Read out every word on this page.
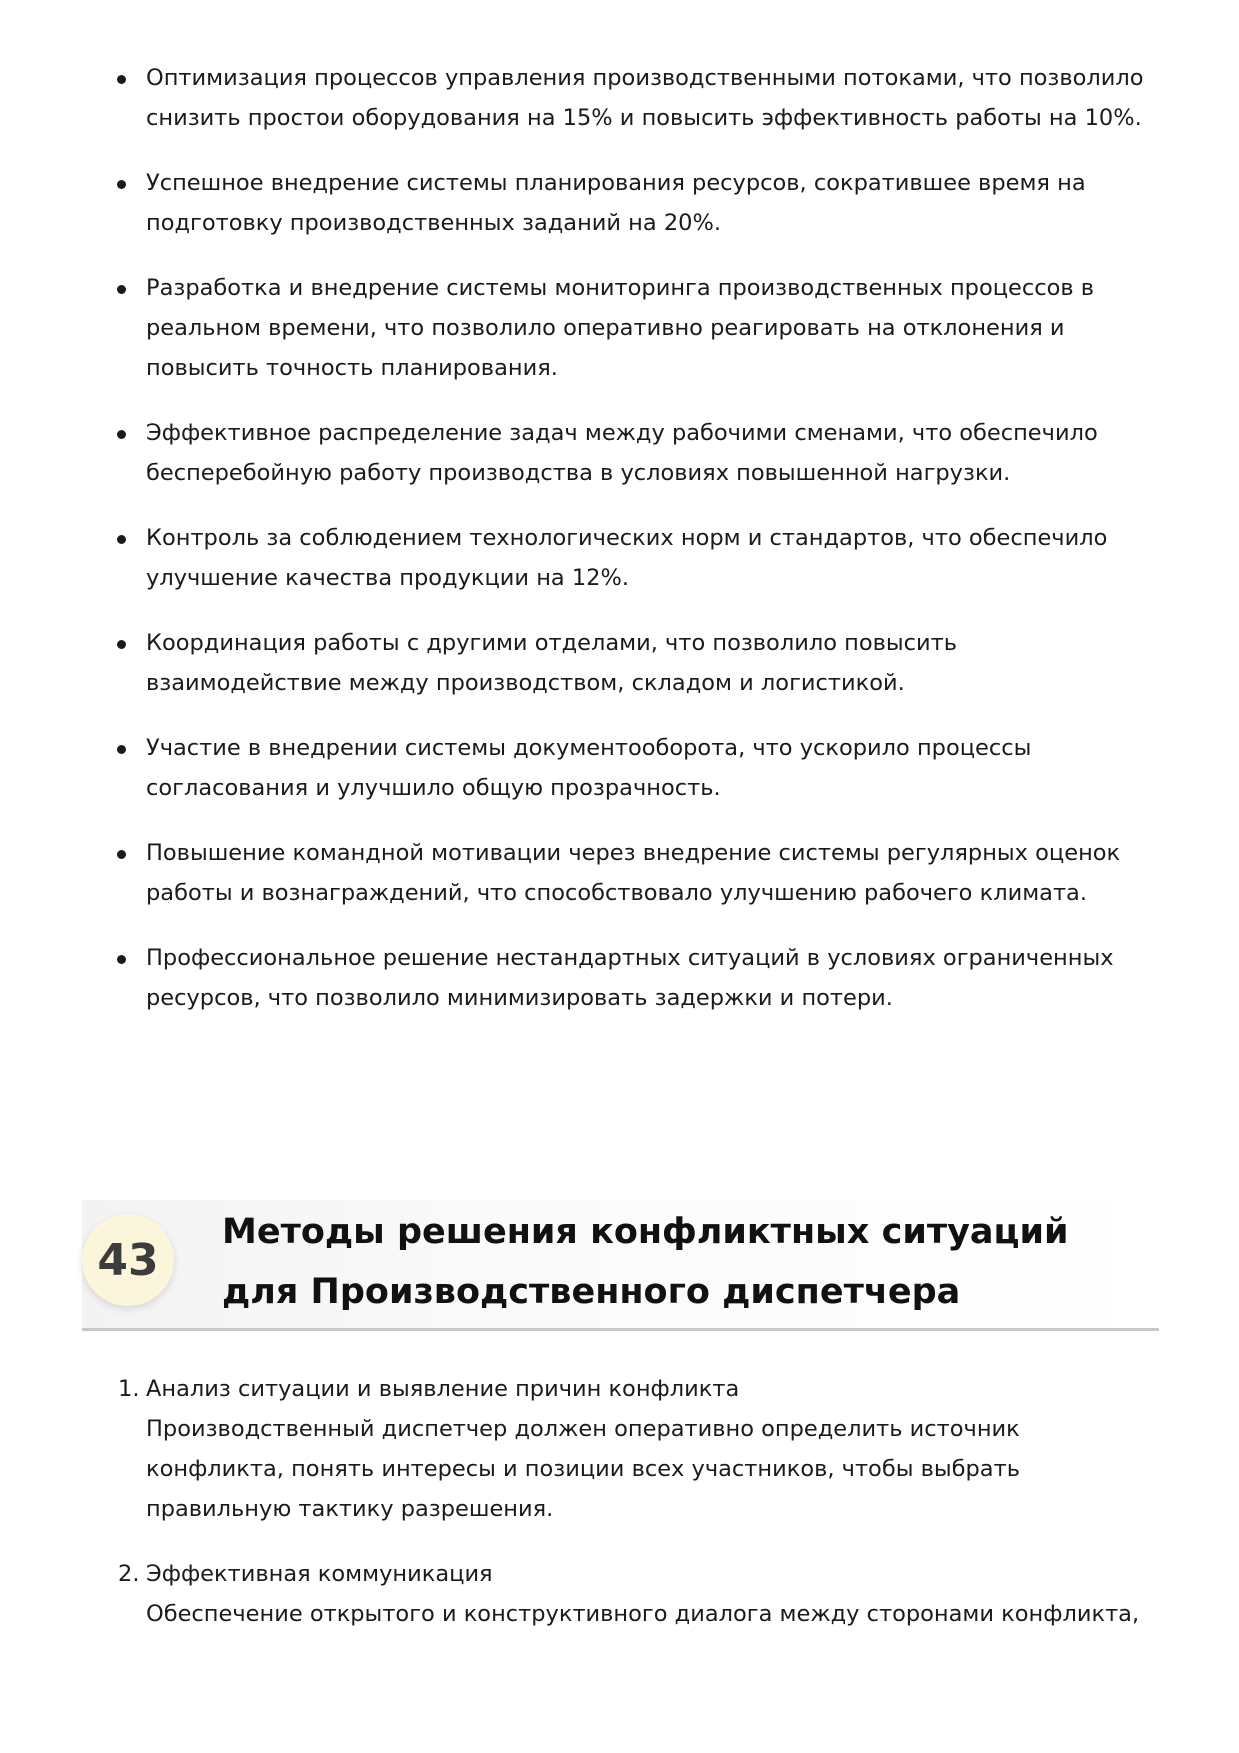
Оптимизация процессов управления производственными потоками, что позволило снизить простои оборудования на 15% и повысить эффективность работы на 10%.
Успешное внедрение системы планирования ресурсов, сократившее время на подготовку производственных заданий на 20%.
Разработка и внедрение системы мониторинга производственных процессов в реальном времени, что позволило оперативно реагировать на отклонения и повысить точность планирования.
Эффективное распределение задач между рабочими сменами, что обеспечило бесперебойную работу производства в условиях повышенной нагрузки.
Контроль за соблюдением технологических норм и стандартов, что обеспечило улучшение качества продукции на 12%.
Координация работы с другими отделами, что позволило повысить взаимодействие между производством, складом и логистикой.
Участие в внедрении системы документооборота, что ускорило процессы согласования и улучшило общую прозрачность.
Повышение командной мотивации через внедрение системы регулярных оценок работы и вознаграждений, что способствовало улучшению рабочего климата.
Профессиональное решение нестандартных ситуаций в условиях ограниченных ресурсов, что позволило минимизировать задержки и потери.
43
Методы решения конфликтных ситуаций для Производственного диспетчера
1. Анализ ситуации и выявление причин конфликта
Производственный диспетчер должен оперативно определить источник конфликта, понять интересы и позиции всех участников, чтобы выбрать правильную тактику разрешения.
2. Эффективная коммуникация
Обеспечение открытого и конструктивного диалога между сторонами конфликта,
